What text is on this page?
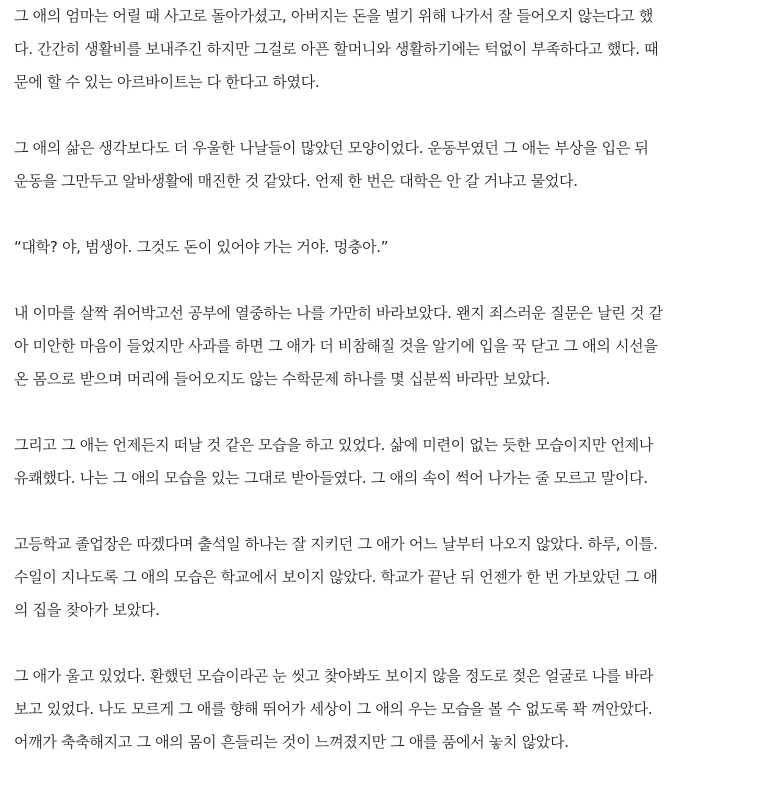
그 애의 엄마는 어릴 때 사고로 돌아가셨고, 아버지는 돈을 벌기 위해 나가서 잘 들어오지 않는다고 했
다. 간간히 생활비를 보내주긴 하지만 그걸로 아픈 할머니와 생활하기에는 턱없이 부족하다고 했다. 때
문에 할 수 있는 아르바이트는 다 한다고 하였다.
그 애의 삶은 생각보다도 더 우울한 나날들이 많았던 모양이었다. 운동부였던 그 애는 부상을 입은 뒤
운동을 그만두고 알바생활에 매진한 것 같았다. 언제 한 번은 대학은 안 갈 거냐고 물었다.
“대학? 야, 범생아. 그것도 돈이 있어야 가는 거야. 멍충아.”
내 이마를 살짝 쥐어박고선 공부에 열중하는 나를 가만히 바라보았다. 왠지 죄스러운 질문은 날린 것 같
아 미안한 마음이 들었지만 사과를 하면 그 애가 더 비참해질 것을 알기에 입을 꾹 닫고 그 애의 시선을
온 몸으로 받으며 머리에 들어오지도 않는 수학문제 하나를 몇 십분씩 바라만 보았다.
그리고 그 애는 언제든지 떠날 것 같은 모습을 하고 있었다. 삶에 미련이 없는 듯한 모습이지만 언제나
유쾌했다. 나는 그 애의 모습을 있는 그대로 받아들였다. 그 애의 속이 썩어 나가는 줄 모르고 말이다.
고등학교 졸업장은 따겠다며 출석일 하나는 잘 지키던 그 애가 어느 날부터 나오지 않았다. 하루, 이틀.
수일이 지나도록 그 애의 모습은 학교에서 보이지 않았다. 학교가 끝난 뒤 언젠가 한 번 가보았던 그 애
의 집을 찾아가 보았다.
그 애가 울고 있었다. 환했던 모습이라곤 눈 씻고 찾아봐도 보이지 않을 정도로 젖은 얼굴로 나를 바라
보고 있었다. 나도 모르게 그 애를 향해 뛰어가 세상이 그 애의 우는 모습을 볼 수 없도록 꽉 껴안았다.
어깨가 축축해지고 그 애의 몸이 흔들리는 것이 느껴졌지만 그 애를 품에서 놓치 않았다.
